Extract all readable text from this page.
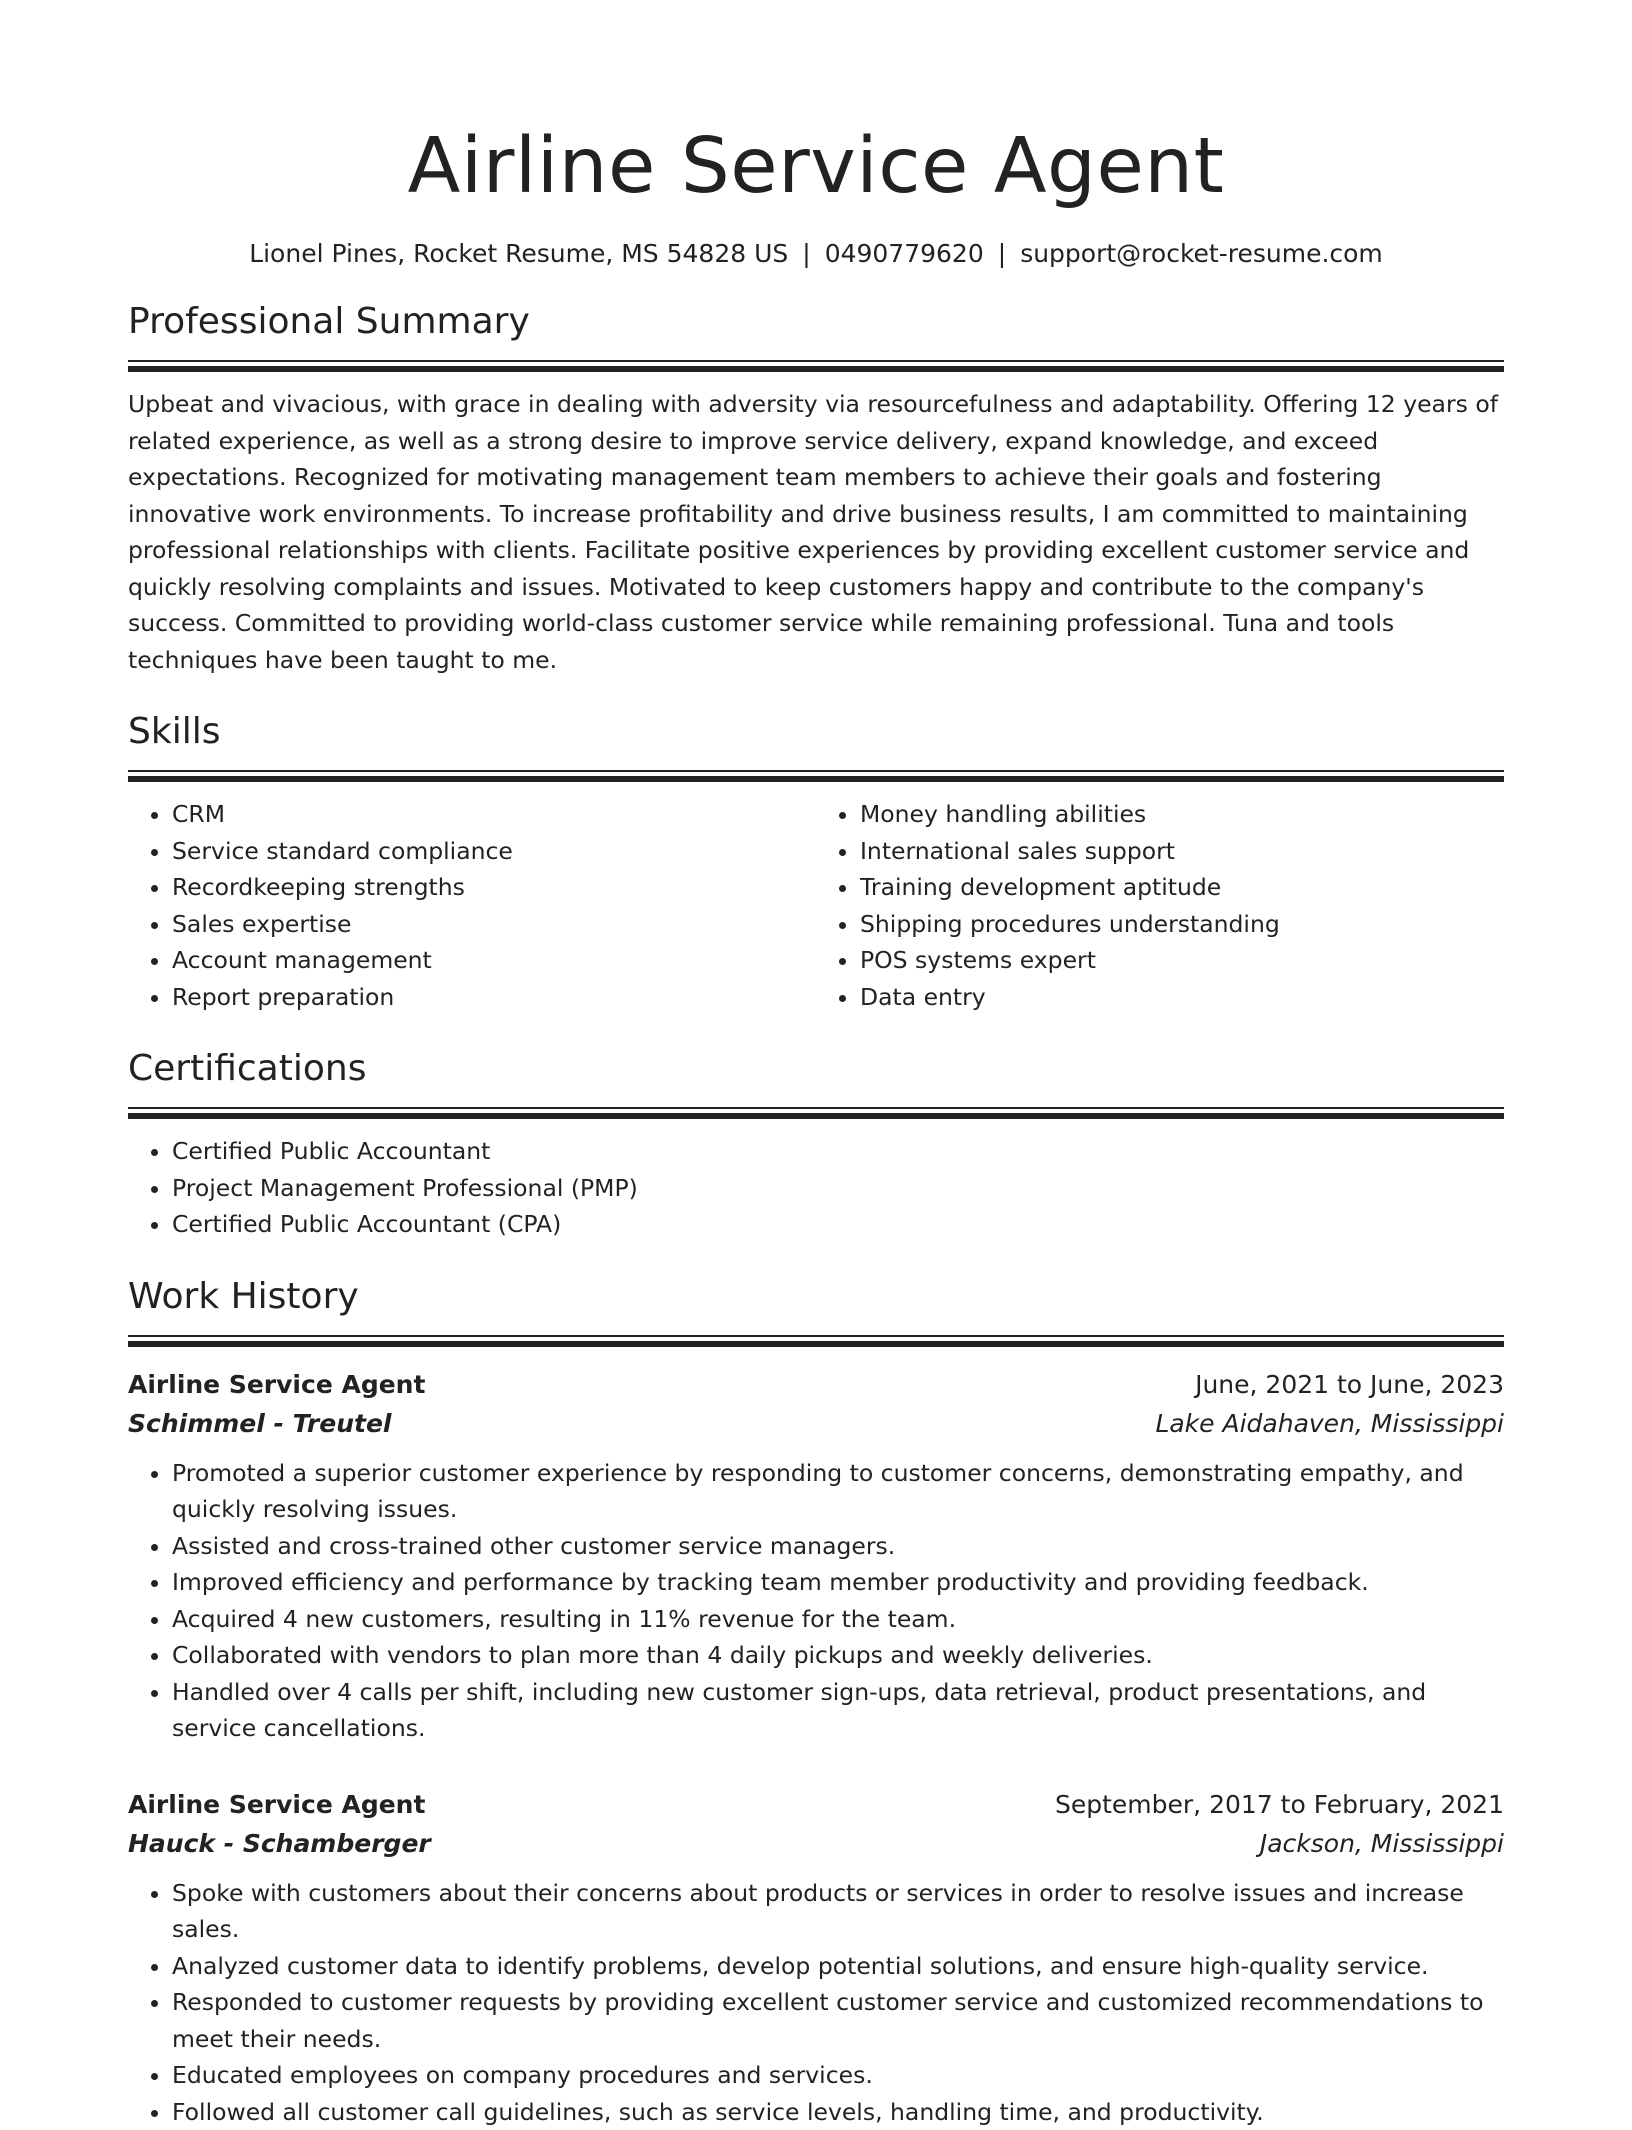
Airline Service Agent
Lionel Pines, Rocket Resume, MS 54828 US | 0490779620 | support@rocket-resume.com
Professional Summary
Upbeat and vivacious, with grace in dealing with adversity via resourcefulness and adaptability. Offering 12 years of related experience, as well as a strong desire to improve service delivery, expand knowledge, and exceed expectations. Recognized for motivating management team members to achieve their goals and fostering innovative work environments. To increase profitability and drive business results, I am committed to maintaining professional relationships with clients. Facilitate positive experiences by providing excellent customer service and quickly resolving complaints and issues. Motivated to keep customers happy and contribute to the company's success. Committed to providing world-class customer service while remaining professional. Tuna and tools techniques have been taught to me.
Skills
• CRM
• Service standard compliance
• Recordkeeping strengths
• Sales expertise
• Account management
• Report preparation
• Money handling abilities
• International sales support
• Training development aptitude
• Shipping procedures understanding
• POS systems expert
• Data entry
Certifications
• Certified Public Accountant
• Project Management Professional (PMP)
• Certified Public Accountant (CPA)
Work History
Airline Service Agent	June, 2021 to June, 2023
Schimmel - Treutel	Lake Aidahaven, Mississippi
• Promoted a superior customer experience by responding to customer concerns, demonstrating empathy, and quickly resolving issues.
• Assisted and cross-trained other customer service managers.
• Improved efficiency and performance by tracking team member productivity and providing feedback.
• Acquired 4 new customers, resulting in 11% revenue for the team.
• Collaborated with vendors to plan more than 4 daily pickups and weekly deliveries.
• Handled over 4 calls per shift, including new customer sign-ups, data retrieval, product presentations, and service cancellations.
Airline Service Agent	September, 2017 to February, 2021
Hauck - Schamberger	Jackson, Mississippi
• Spoke with customers about their concerns about products or services in order to resolve issues and increase sales.
• Analyzed customer data to identify problems, develop potential solutions, and ensure high-quality service.
• Responded to customer requests by providing excellent customer service and customized recommendations to meet their needs.
• Educated employees on company procedures and services.
• Followed all customer call guidelines, such as service levels, handling time, and productivity.
